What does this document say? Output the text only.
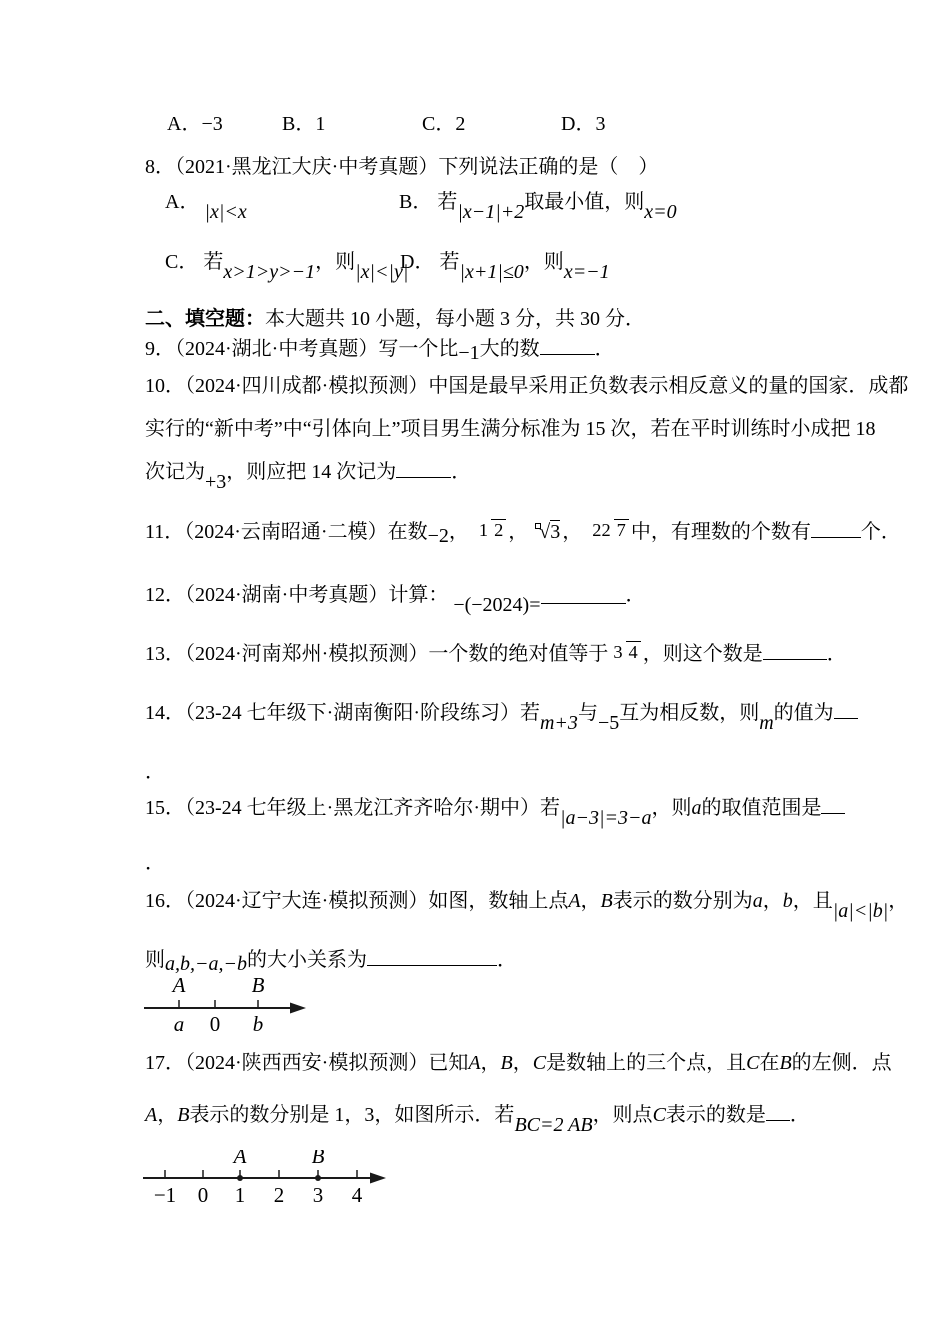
A．−3	B．1	C．2	D．3
8．（2021·黑龙江大庆·中考真题）下列说法正确的是（　）
A． |x|<x	B． 若|x−1|+2取最小值，则x=0
C． 若x>1>y>−1，则|x|<|y|
D． 若|x+1|≤0，则x=−1
二、填空题：本大题共 10 小题，每小题 3 分，共 30 分．
9．（2024·湖北·中考真题）写一个比−1大的数	．
10．（2024·四川成都·模拟预测）中国是最早采用正负数表示相反意义的量的国家．成都
实行的“新中考”中“引体向上”项目男生满分标准为 15 次，若在平时训练时小成把 18
次记为+3，则应把 14 次记为	．
11．（2024·云南昭通·二模）在数−2， 1 2 ， √3 ， 22 7 中，有理数的个数有	个．
12．（2024·湖南·中考真题）计算： −(−2024)=	．
13．（2024·河南郑州·模拟预测）一个数的绝对值等于 3 4 ，则这个数是	．
14．（23-24 七年级下·湖南衡阳·阶段练习）若m+3与−5互为相反数，则m的值为
．
15．（23-24 七年级上·黑龙江齐齐哈尔·期中）若|a−3|=3−a，则a的取值范围是
．
16．（2024·辽宁大连·模拟预测）如图，数轴上点A，B表示的数分别为a，b，且|a|<|b|，
则a,b,−a,−b的大小关系为	．
A	B
a 0 b
17．（2024·陕西西安·模拟预测）已知A，B，C是数轴上的三个点，且C在B的左侧．点
A，B表示的数分别是 1，3，如图所示．若BC=2 AB，则点C表示的数是 ．
A	B
−1 0 1 2 3 4
